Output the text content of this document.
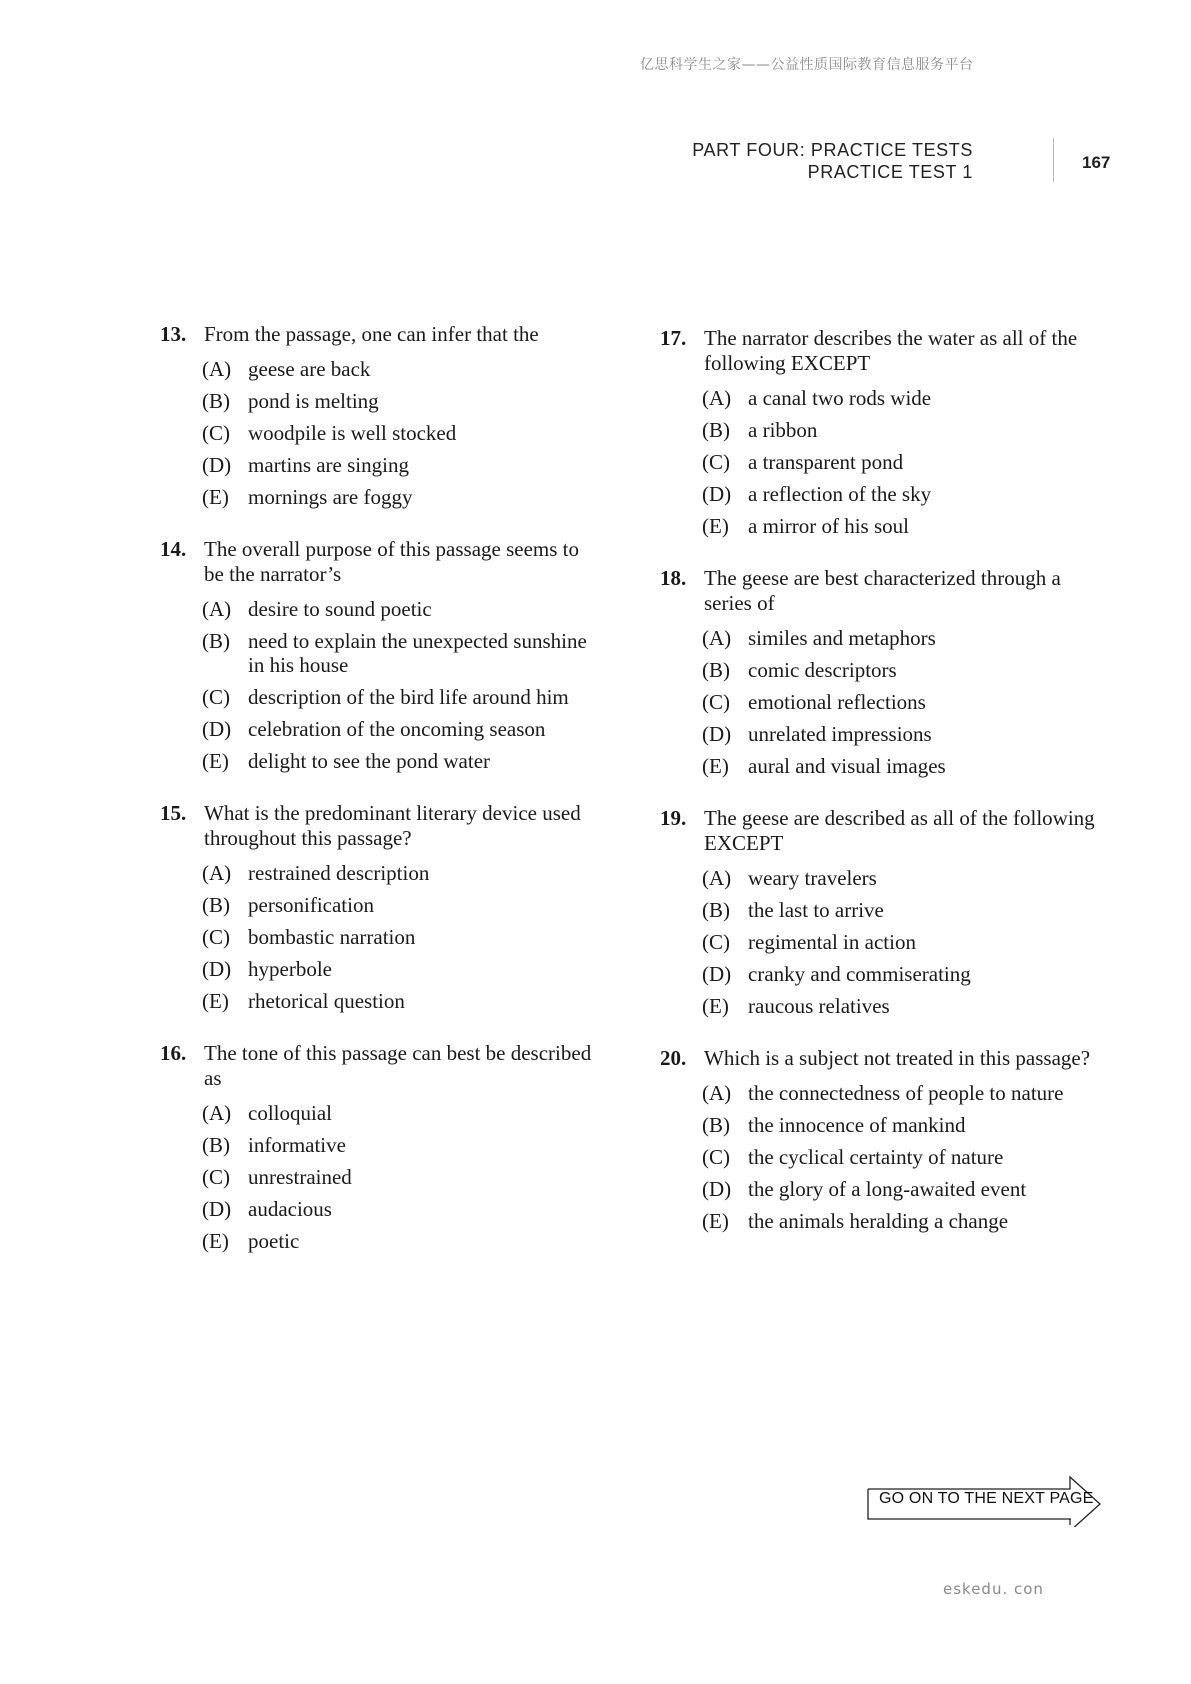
亿思科学生之家——公益性质国际教育信息服务平台
PART FOUR: PRACTICE TESTS
PRACTICE TEST 1	167
13. From the passage, one can infer that the
(A) geese are back
(B) pond is melting
(C) woodpile is well stocked
(D) martins are singing
(E) mornings are foggy
14. The overall purpose of this passage seems to be the narrator’s
(A) desire to sound poetic
(B) need to explain the unexpected sunshine in his house
(C) description of the bird life around him
(D) celebration of the oncoming season
(E) delight to see the pond water
15. What is the predominant literary device used throughout this passage?
(A) restrained description
(B) personification
(C) bombastic narration
(D) hyperbole
(E) rhetorical question
16. The tone of this passage can best be described as
(A) colloquial
(B) informative
(C) unrestrained
(D) audacious
(E) poetic
17. The narrator describes the water as all of the following EXCEPT
(A) a canal two rods wide
(B) a ribbon
(C) a transparent pond
(D) a reflection of the sky
(E) a mirror of his soul
18. The geese are best characterized through a series of
(A) similes and metaphors
(B) comic descriptors
(C) emotional reflections
(D) unrelated impressions
(E) aural and visual images
19. The geese are described as all of the following EXCEPT
(A) weary travelers
(B) the last to arrive
(C) regimental in action
(D) cranky and commiserating
(E) raucous relatives
20. Which is a subject not treated in this passage?
(A) the connectedness of people to nature
(B) the innocence of mankind
(C) the cyclical certainty of nature
(D) the glory of a long-awaited event
(E) the animals heralding a change
GO ON TO THE NEXT PAGE
eskedu. con
